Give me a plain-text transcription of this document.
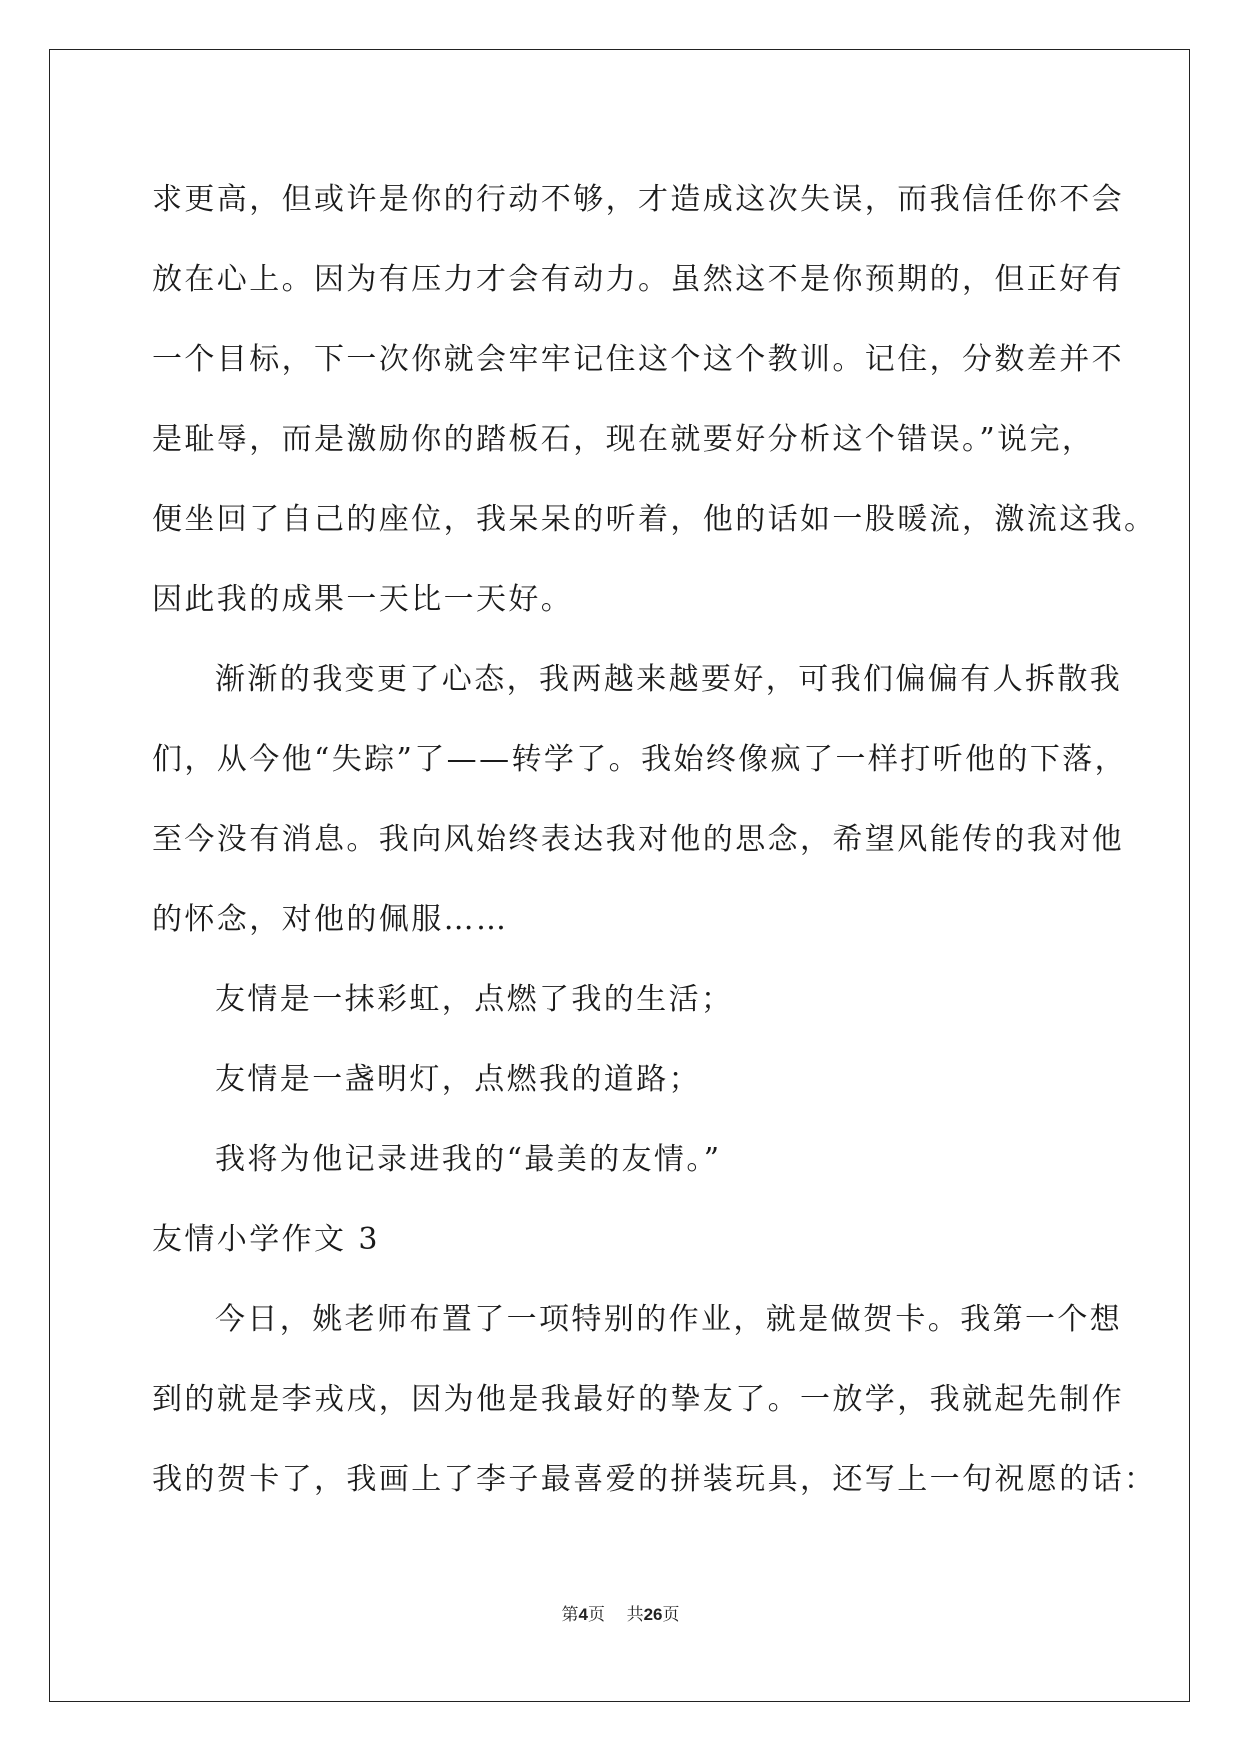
求更高，但或许是你的行动不够，才造成这次失误，而我信任你不会
放在心上。因为有压力才会有动力。虽然这不是你预期的，但正好有
一个目标，下一次你就会牢牢记住这个这个教训。记住，分数差并不
是耻辱，而是激励你的踏板石，现在就要好分析这个错误。”说完，
便坐回了自己的座位，我呆呆的听着，他的话如一股暖流，激流这我。
因此我的成果一天比一天好。
渐渐的我变更了心态，我两越来越要好，可我们偏偏有人拆散我
们，从今他“失踪”了——转学了。我始终像疯了一样打听他的下落，
至今没有消息。我向风始终表达我对他的思念，希望风能传的我对他
的怀念，对他的佩服……
友情是一抹彩虹，点燃了我的生活；
友情是一盏明灯，点燃我的道路；
我将为他记录进我的“最美的友情。”
友情小学作文 3
今日，姚老师布置了一项特别的作业，就是做贺卡。我第一个想
到的就是李戎戌，因为他是我最好的挚友了。一放学，我就起先制作
我的贺卡了，我画上了李子最喜爱的拼装玩具，还写上一句祝愿的话：
第4页 共26页
